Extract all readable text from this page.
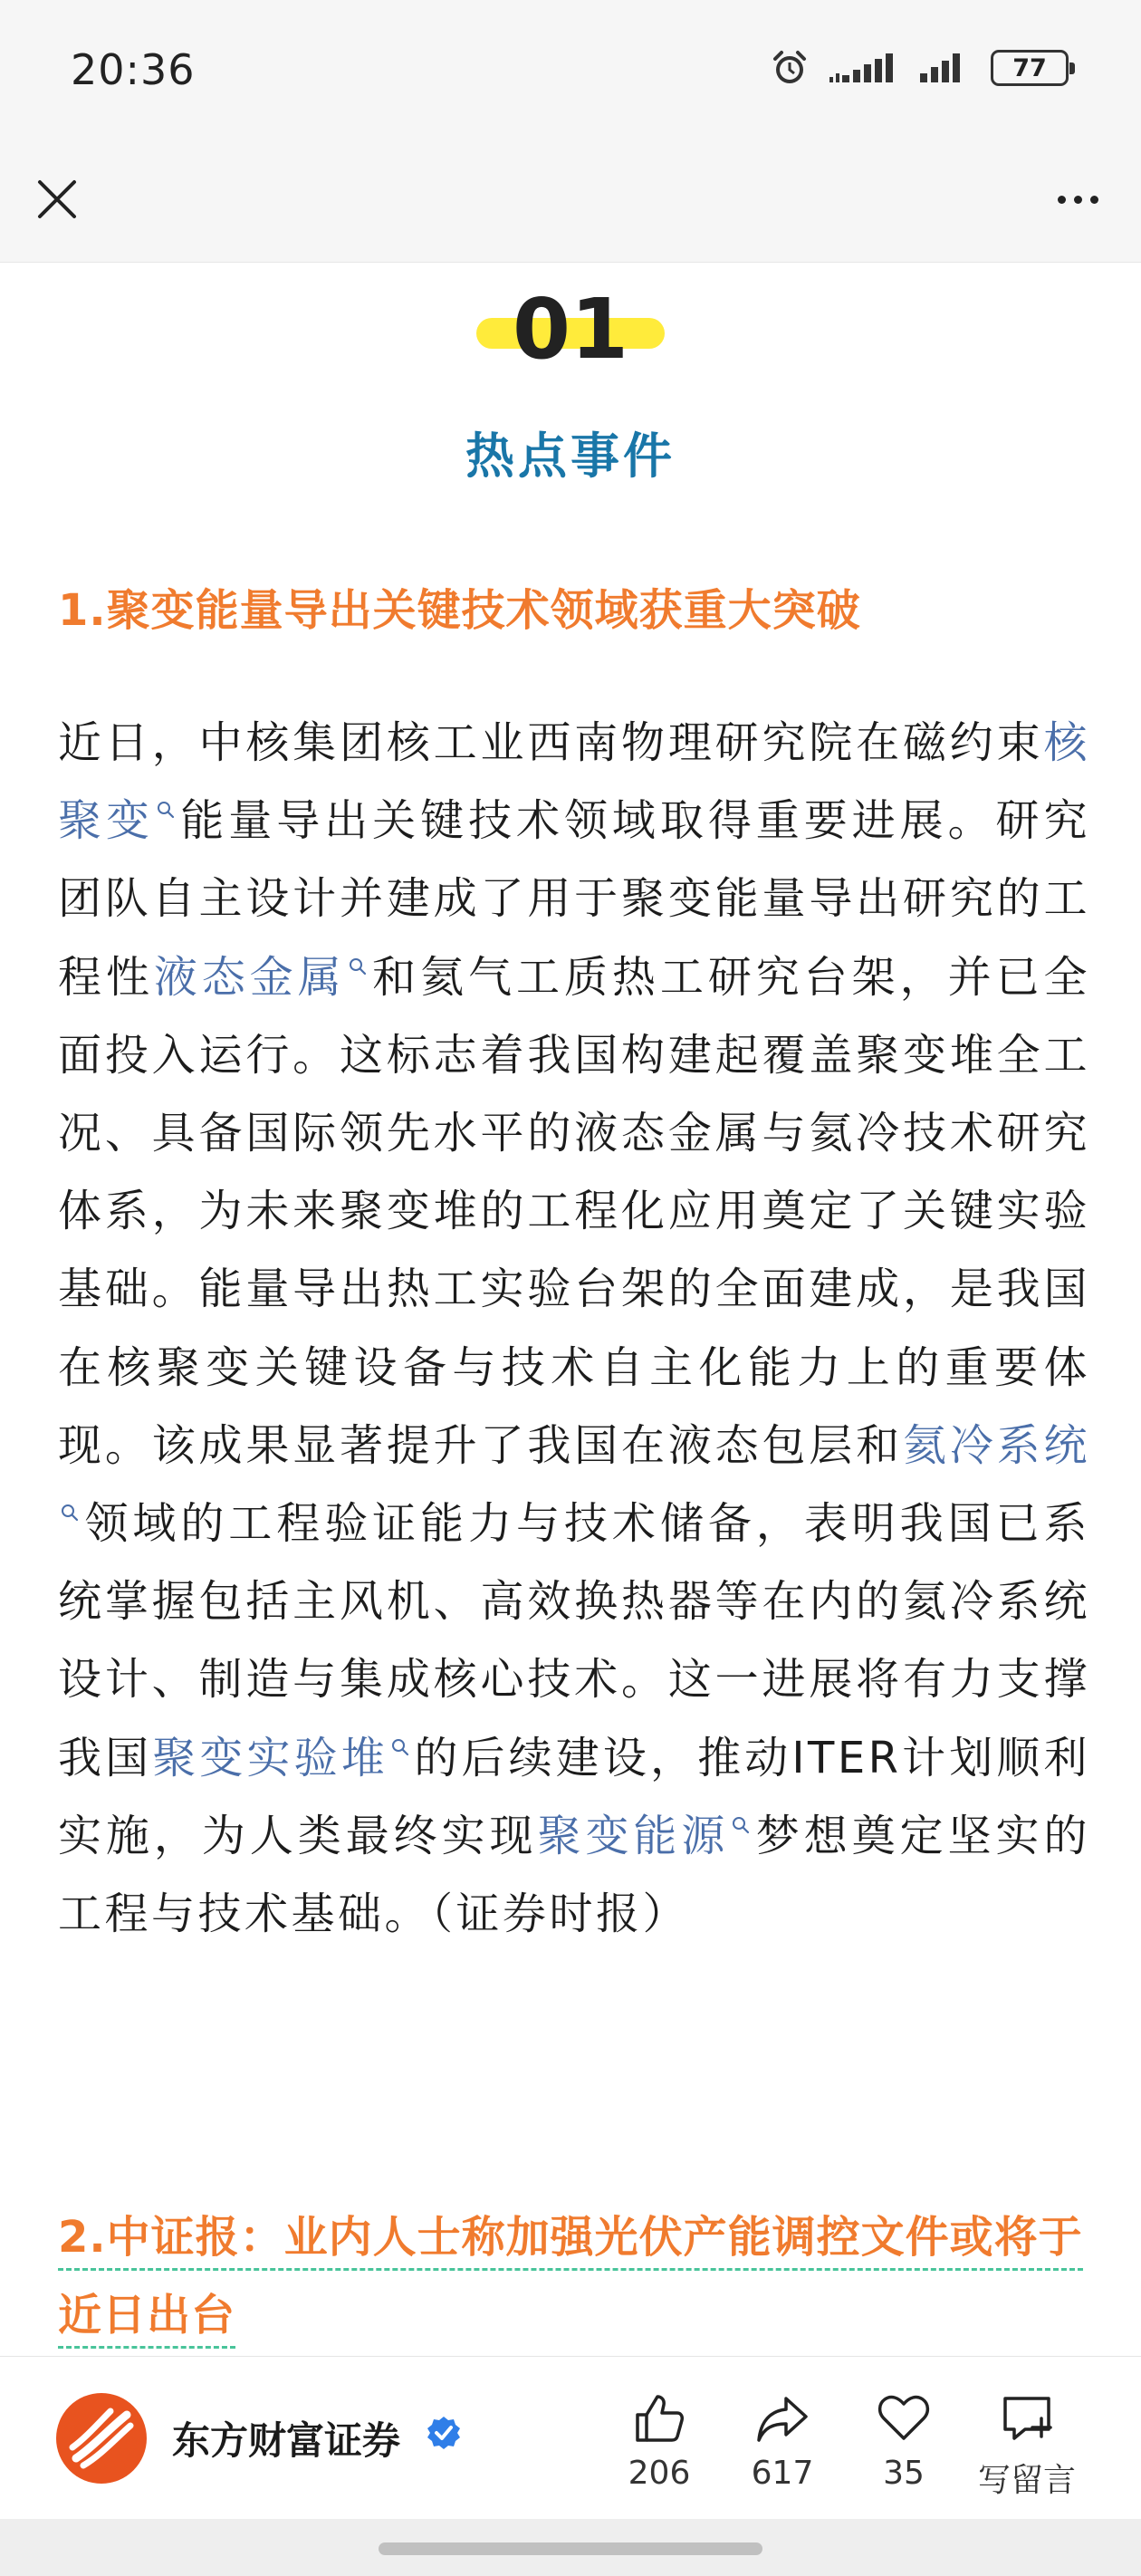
20:36	77
01
热点事件
1.聚变能量导出关键技术领域获重大突破
近日，中核集团核工业西南物理研究院在磁约束核聚变 能量导出关键技术领域取得重要进展。研究团队自主设计并建成了用于聚变能量导出研究的工程性液态金属 和氦气工质热工研究台架，并已全面投入运行。这标志着我国构建起覆盖聚变堆全工况、具备国际领先水平的液态金属与氦冷技术研究体系，为未来聚变堆的工程化应用奠定了关键实验基础。能量导出热工实验台架的全面建成，是我国在核聚变关键设备与技术自主化能力上的重要体现。该成果显著提升了我国在液态包层和氦冷系统领域的工程验证能力与技术储备，表明我国已系统掌握包括主风机、高效换热器等在内的氦冷系统设计、制造与集成核心技术。这一进展将有力支撑我国聚变实验堆 的后续建设，推动ITER计划顺利实施，为人类最终实现聚变能源 梦想奠定坚实的工程与技术基础。（证券时报）
2.中证报：业内人士称加强光伏产能调控文件或将于近日出台
东方财富证券
206	617	35	写留言
